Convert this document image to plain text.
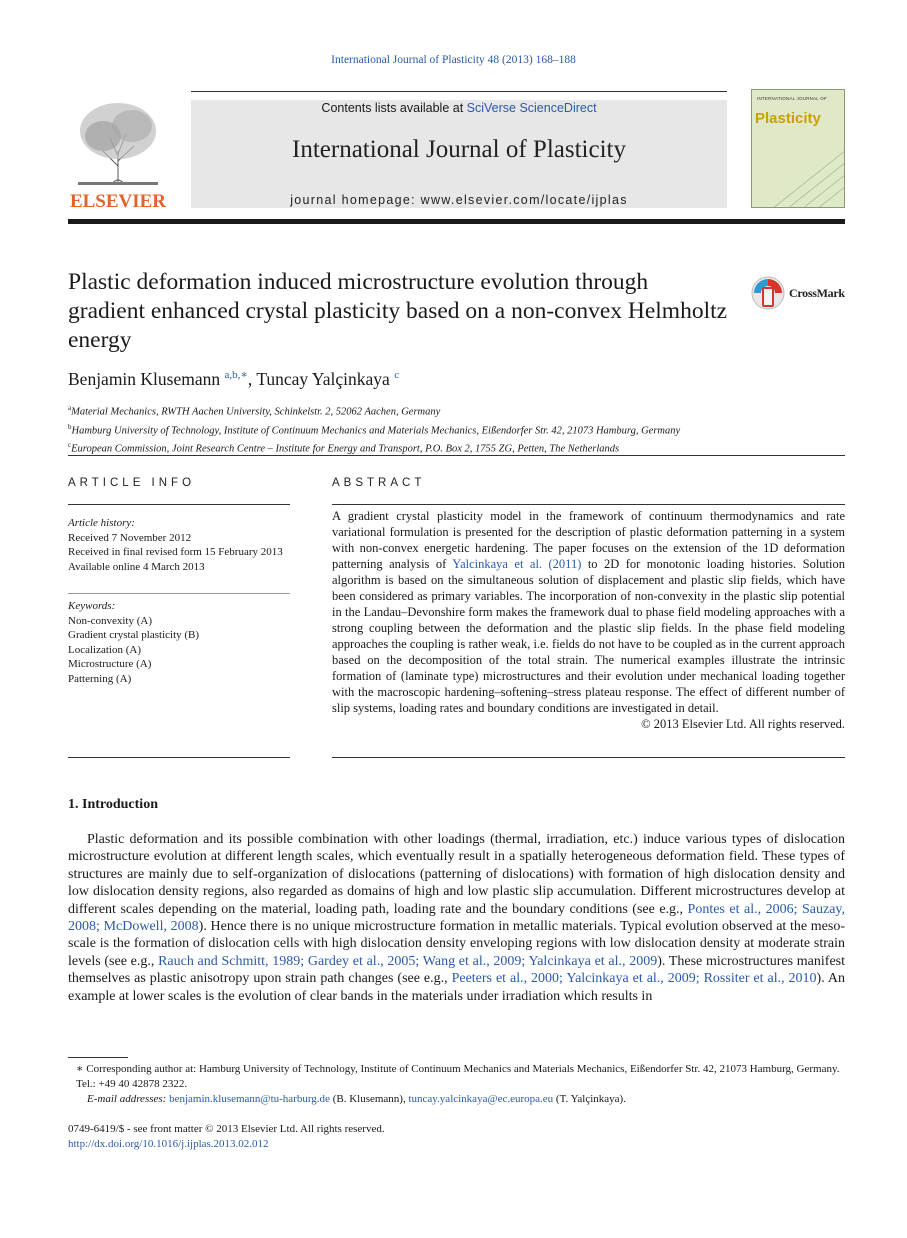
International Journal of Plasticity 48 (2013) 168–188
ELSEVIER
Contents lists available at SciVerse ScienceDirect
International Journal of Plasticity
journal homepage: www.elsevier.com/locate/ijplas
INTERNATIONAL JOURNAL OF
Plasticity
Plastic deformation induced microstructure evolution through gradient enhanced crystal plasticity based on a non-convex Helmholtz energy
CrossMark
Benjamin Klusemann $^{a,b,∗}$, Tuncay Yalçinkaya $^c$
$^a$Material Mechanics, RWTH Aachen University, Schinkelstr. 2, 52062 Aachen, Germany
$^b$Hamburg University of Technology, Institute of Continuum Mechanics and Materials Mechanics, Eißendorfer Str. 42, 21073 Hamburg, Germany
$^c$European Commission, Joint Research Centre – Institute for Energy and Transport, P.O. Box 2, 1755 ZG, Petten, The Netherlands
ARTICLE INFO
Article history:
Received 7 November 2012
Received in final revised form 15 February 2013
Available online 4 March 2013
Keywords:
Non-convexity (A)
Gradient crystal plasticity (B)
Localization (A)
Microstructure (A)
Patterning (A)
ABSTRACT
A gradient crystal plasticity model in the framework of continuum thermodynamics and rate variational formulation is presented for the description of plastic deformation patterning in a system with non-convex energetic hardening. The paper focuses on the extension of the 1D deformation patterning analysis of Yalcinkaya et al. (2011) to 2D for monotonic loading histories. Solution algorithm is based on the simultaneous solution of displacement and plastic slip fields, which have been considered as primary variables. The incorporation of non-convexity in the plastic slip potential in the Landau–Devonshire form makes the framework dual to phase field modeling approaches with a strong coupling between the deformation and the plastic slip fields. In the phase field modeling approaches the coupling is rather weak, i.e. fields do not have to be coupled as in the current approach based on the decomposition of the total strain. The numerical examples illustrate the intrinsic formation of (laminate type) microstructures and their evolution under mechanical loading together with the macroscopic hardening–softening–stress plateau response. The effect of different number of slip systems, loading rates and boundary conditions are investigated in detail.
© 2013 Elsevier Ltd. All rights reserved.
1. Introduction
Plastic deformation and its possible combination with other loadings (thermal, irradiation, etc.) induce various types of dislocation microstructure evolution at different length scales, which eventually result in a spatially heterogeneous deformation field. These types of structures are mainly due to self-organization of dislocations (patterning of dislocations) with formation of high dislocation density and low dislocation density regions, also regarded as domains of high and low plastic slip accumulation. Different microstructures develop at different scales depending on the material, loading path, loading rate and the boundary conditions (see e.g., Pontes et al., 2006; Sauzay, 2008; McDowell, 2008). Hence there is no unique microstructure formation in metallic materials. Typical evolution observed at the meso-scale is the formation of dislocation cells with high dislocation density enveloping regions with low dislocation density at moderate strain levels (see e.g., Rauch and Schmitt, 1989; Gardey et al., 2005; Wang et al., 2009; Yalcinkaya et al., 2009). These microstructures manifest themselves as plastic anisotropy upon strain path changes (see e.g., Peeters et al., 2000; Yalcinkaya et al., 2009; Rossiter et al., 2010). An example at lower scales is the evolution of clear bands in the materials under irradiation which results in
∗ Corresponding author at: Hamburg University of Technology, Institute of Continuum Mechanics and Materials Mechanics, Eißendorfer Str. 42, 21073 Hamburg, Germany. Tel.: +49 40 42878 2322.
E-mail addresses: benjamin.klusemann@tu-harburg.de (B. Klusemann), tuncay.yalcinkaya@ec.europa.eu (T. Yalçinkaya).
0749-6419/$ - see front matter © 2013 Elsevier Ltd. All rights reserved.
http://dx.doi.org/10.1016/j.ijplas.2013.02.012
